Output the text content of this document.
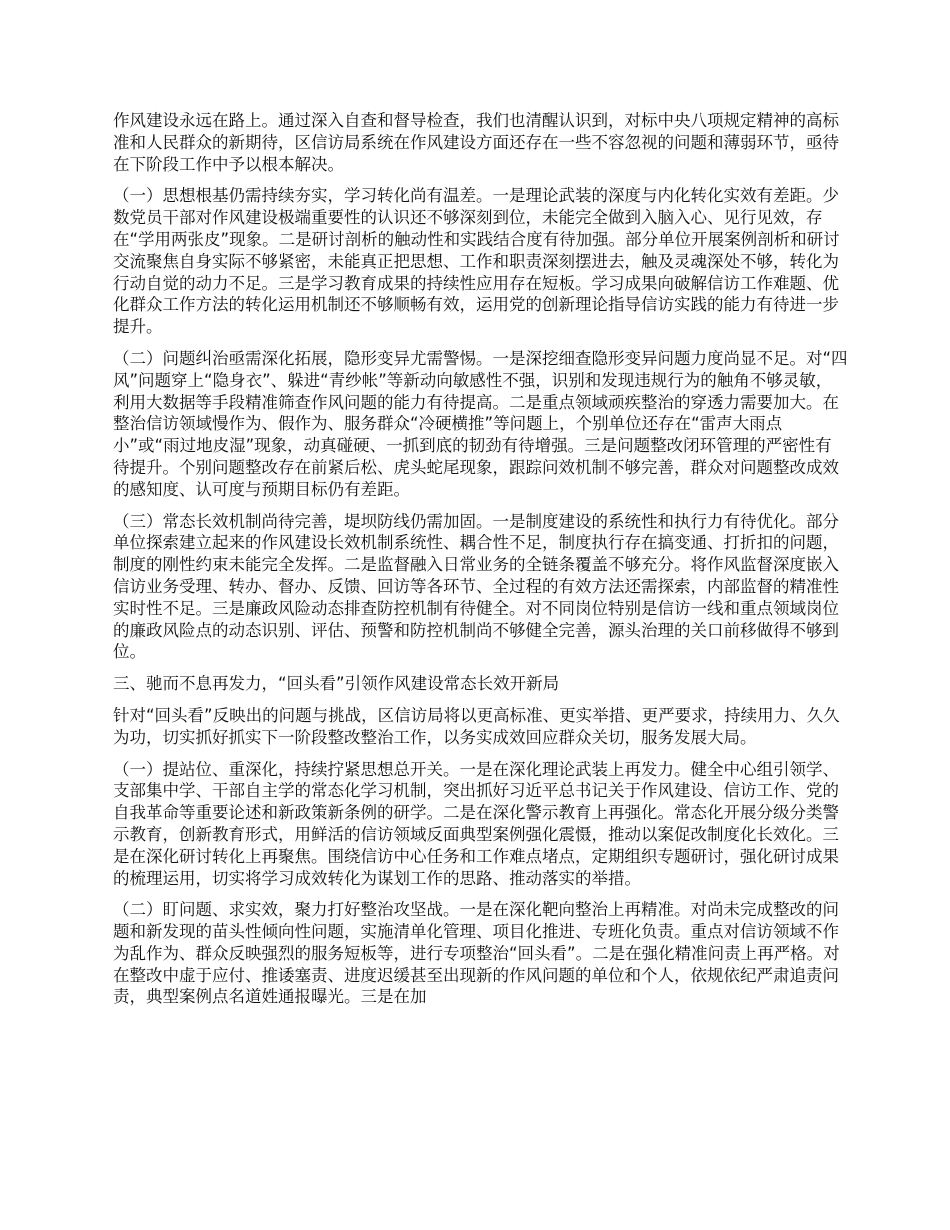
作风建设永远在路上。通过深入自查和督导检查，我们也清醒认识到，对标中央八项规定精神的高标准和人民群众的新期待，区信访局系统在作风建设方面还存在一些不容忽视的问题和薄弱环节，亟待在下阶段工作中予以根本解决。

（一）思想根基仍需持续夯实，学习转化尚有温差。一是理论武装的深度与内化转化实效有差距。少数党员干部对作风建设极端重要性的认识还不够深刻到位，未能完全做到入脑入心、见行见效，存在“学用两张皮”现象。二是研讨剖析的触动性和实践结合度有待加强。部分单位开展案例剖析和研讨交流聚焦自身实际不够紧密，未能真正把思想、工作和职责深刻摆进去，触及灵魂深处不够，转化为行动自觉的动力不足。三是学习教育成果的持续性应用存在短板。学习成果向破解信访工作难题、优化群众工作方法的转化运用机制还不够顺畅有效，运用党的创新理论指导信访实践的能力有待进一步提升。

（二）问题纠治亟需深化拓展，隐形变异尤需警惕。一是深挖细查隐形变异问题力度尚显不足。对“四风”问题穿上“隐身衣”、躲进“青纱帐”等新动向敏感性不强，识别和发现违规行为的触角不够灵敏，利用大数据等手段精准筛查作风问题的能力有待提高。二是重点领域顽疾整治的穿透力需要加大。在整治信访领域慢作为、假作为、服务群众“冷硬横推”等问题上，个别单位还存在“雷声大雨点小”或“雨过地皮湿”现象，动真碰硬、一抓到底的韧劲有待增强。三是问题整改闭环管理的严密性有待提升。个别问题整改存在前紧后松、虎头蛇尾现象，跟踪问效机制不够完善，群众对问题整改成效的感知度、认可度与预期目标仍有差距。

（三）常态长效机制尚待完善，堤坝防线仍需加固。一是制度建设的系统性和执行力有待优化。部分单位探索建立起来的作风建设长效机制系统性、耦合性不足，制度执行存在搞变通、打折扣的问题，制度的刚性约束未能完全发挥。二是监督融入日常业务的全链条覆盖不够充分。将作风监督深度嵌入信访业务受理、转办、督办、反馈、回访等各环节、全过程的有效方法还需探索，内部监督的精准性实时性不足。三是廉政风险动态排查防控机制有待健全。对不同岗位特别是信访一线和重点领域岗位的廉政风险点的动态识别、评估、预警和防控机制尚不够健全完善，源头治理的关口前移做得不够到位。

三、驰而不息再发力，“回头看”引领作风建设常态长效开新局

针对“回头看”反映出的问题与挑战，区信访局将以更高标准、更实举措、更严要求，持续用力、久久为功，切实抓好抓实下一阶段整改整治工作，以务实成效回应群众关切，服务发展大局。

（一）提站位、重深化，持续拧紧思想总开关。一是在深化理论武装上再发力。健全中心组引领学、支部集中学、干部自主学的常态化学习机制，突出抓好习近平总书记关于作风建设、信访工作、党的自我革命等重要论述和新政策新条例的研学。二是在深化警示教育上再强化。常态化开展分级分类警示教育，创新教育形式，用鲜活的信访领域反面典型案例强化震慑，推动以案促改制度化长效化。三是在深化研讨转化上再聚焦。围绕信访中心任务和工作难点堵点，定期组织专题研讨，强化研讨成果的梳理运用，切实将学习成效转化为谋划工作的思路、推动落实的举措。

（二）盯问题、求实效，聚力打好整治攻坚战。一是在深化靶向整治上再精准。对尚未完成整改的问题和新发现的苗头性倾向性问题，实施清单化管理、项目化推进、专班化负责。重点对信访领域不作为乱作为、群众反映强烈的服务短板等，进行专项整治“回头看”。二是在强化精准问责上再严格。对在整改中虚于应付、推诿塞责、进度迟缓甚至出现新的作风问题的单位和个人，依规依纪严肃追责问责，典型案例点名道姓通报曝光。三是在加
